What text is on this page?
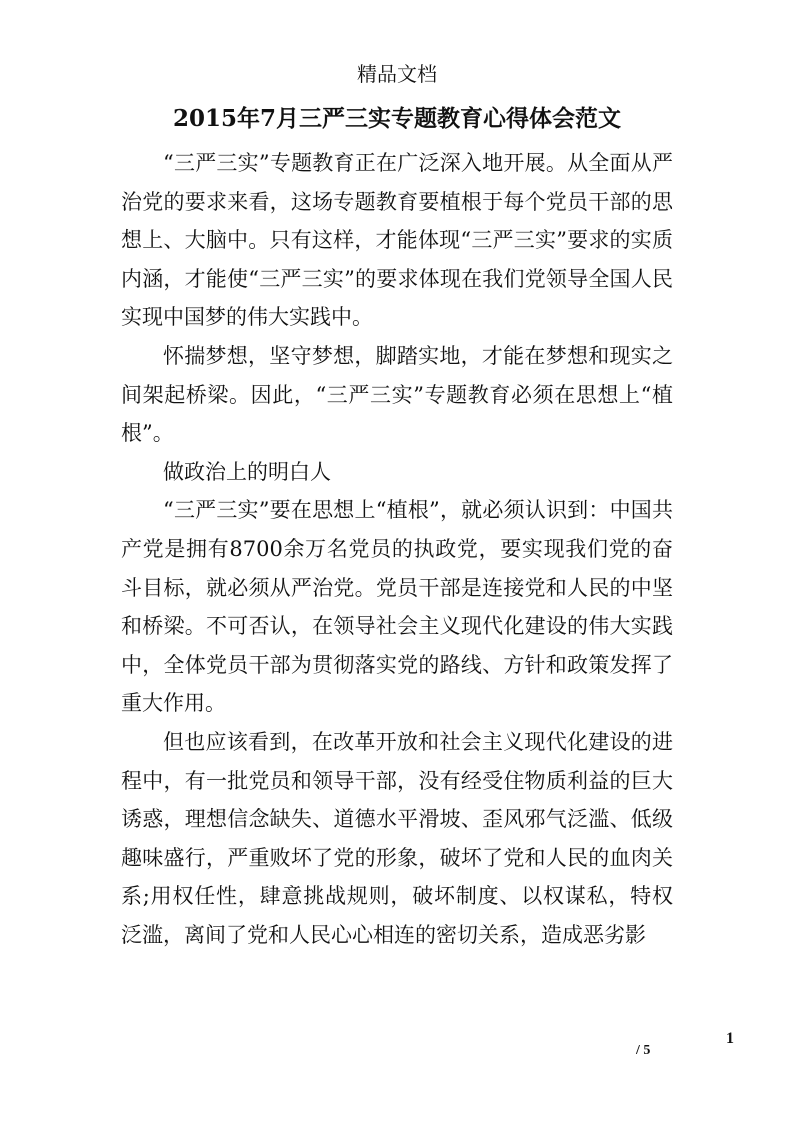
精品文档
2015年7月三严三实专题教育心得体会范文

“三严三实”专题教育正在广泛深入地开展。从全面从严治党的要求来看，这场专题教育要植根于每个党员干部的思想上、大脑中。只有这样，才能体现“三严三实”要求的实质内涵，才能使“三严三实”的要求体现在我们党领导全国人民实现中国梦的伟大实践中。

怀揣梦想，坚守梦想，脚踏实地，才能在梦想和现实之间架起桥梁。因此，“三严三实”专题教育必须在思想上“植根”。

做政治上的明白人

“三严三实”要在思想上“植根”，就必须认识到：中国共产党是拥有8700余万名党员的执政党，要实现我们党的奋斗目标，就必须从严治党。党员干部是连接党和人民的中坚和桥梁。不可否认，在领导社会主义现代化建设的伟大实践中，全体党员干部为贯彻落实党的路线、方针和政策发挥了重大作用。

但也应该看到，在改革开放和社会主义现代化建设的进程中，有一批党员和领导干部，没有经受住物质利益的巨大诱惑，理想信念缺失、道德水平滑坡、歪风邪气泛滥、低级趣味盛行，严重败坏了党的形象，破坏了党和人民的血肉关系;用权任性，肆意挑战规则，破坏制度、以权谋私，特权泛滥，离间了党和人民心心相连的密切关系，造成恶劣影

1
/ 5
